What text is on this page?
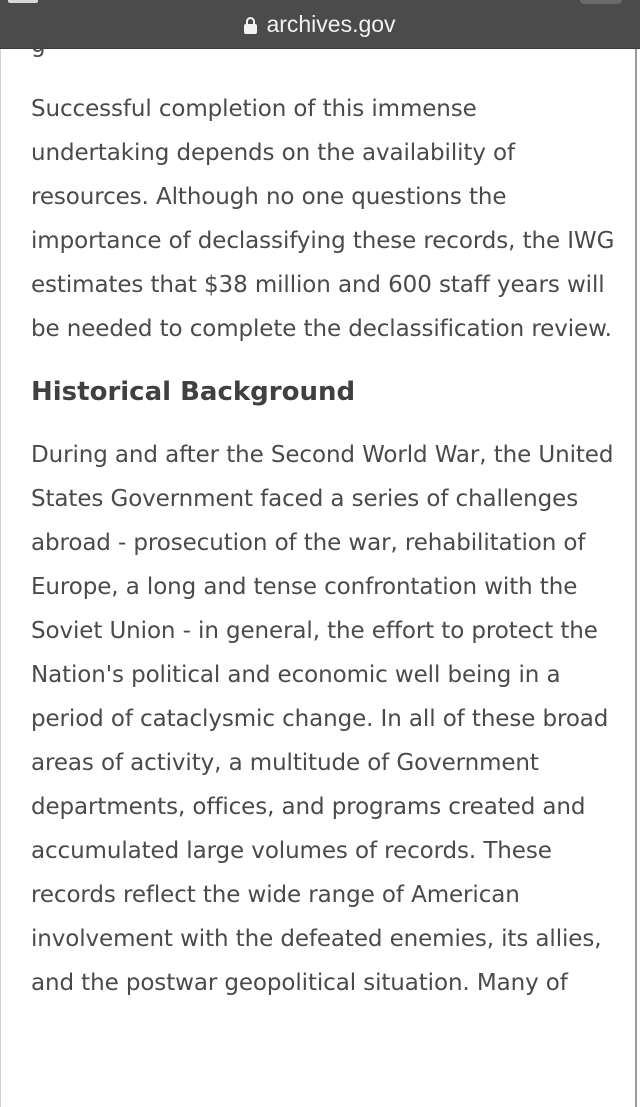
archives.gov
g

Successful completion of this immense undertaking depends on the availability of resources. Although no one questions the importance of declassifying these records, the IWG estimates that $38 million and 600 staff years will be needed to complete the declassification review.

Historical Background

During and after the Second World War, the United States Government faced a series of challenges abroad - prosecution of the war, rehabilitation of Europe, a long and tense confrontation with the Soviet Union - in general, the effort to protect the Nation's political and economic well being in a period of cataclysmic change. In all of these broad areas of activity, a multitude of Government departments, offices, and programs created and accumulated large volumes of records. These records reflect the wide range of American involvement with the defeated enemies, its allies, and the postwar geopolitical situation. Many of
